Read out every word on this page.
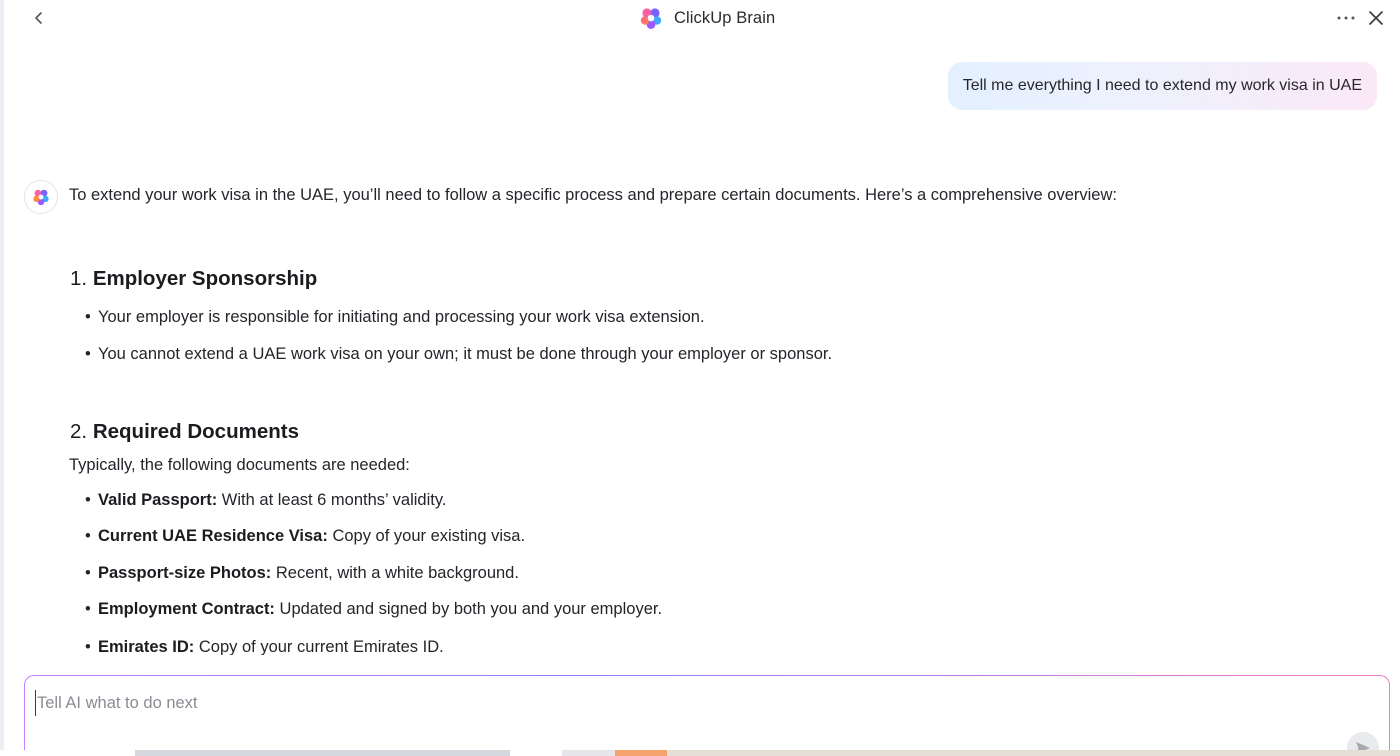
ClickUp Brain
Tell me everything I need to extend my work visa in UAE
To extend your work visa in the UAE, you’ll need to follow a specific process and prepare certain documents. Here’s a comprehensive overview:
1. Employer Sponsorship
• Your employer is responsible for initiating and processing your work visa extension.
• You cannot extend a UAE work visa on your own; it must be done through your employer or sponsor.
2. Required Documents
Typically, the following documents are needed:
• Valid Passport: With at least 6 months’ validity.
• Current UAE Residence Visa: Copy of your existing visa.
• Passport-size Photos: Recent, with a white background.
• Employment Contract: Updated and signed by both you and your employer.
• Emirates ID: Copy of your current Emirates ID.
Tell AI what to do next
